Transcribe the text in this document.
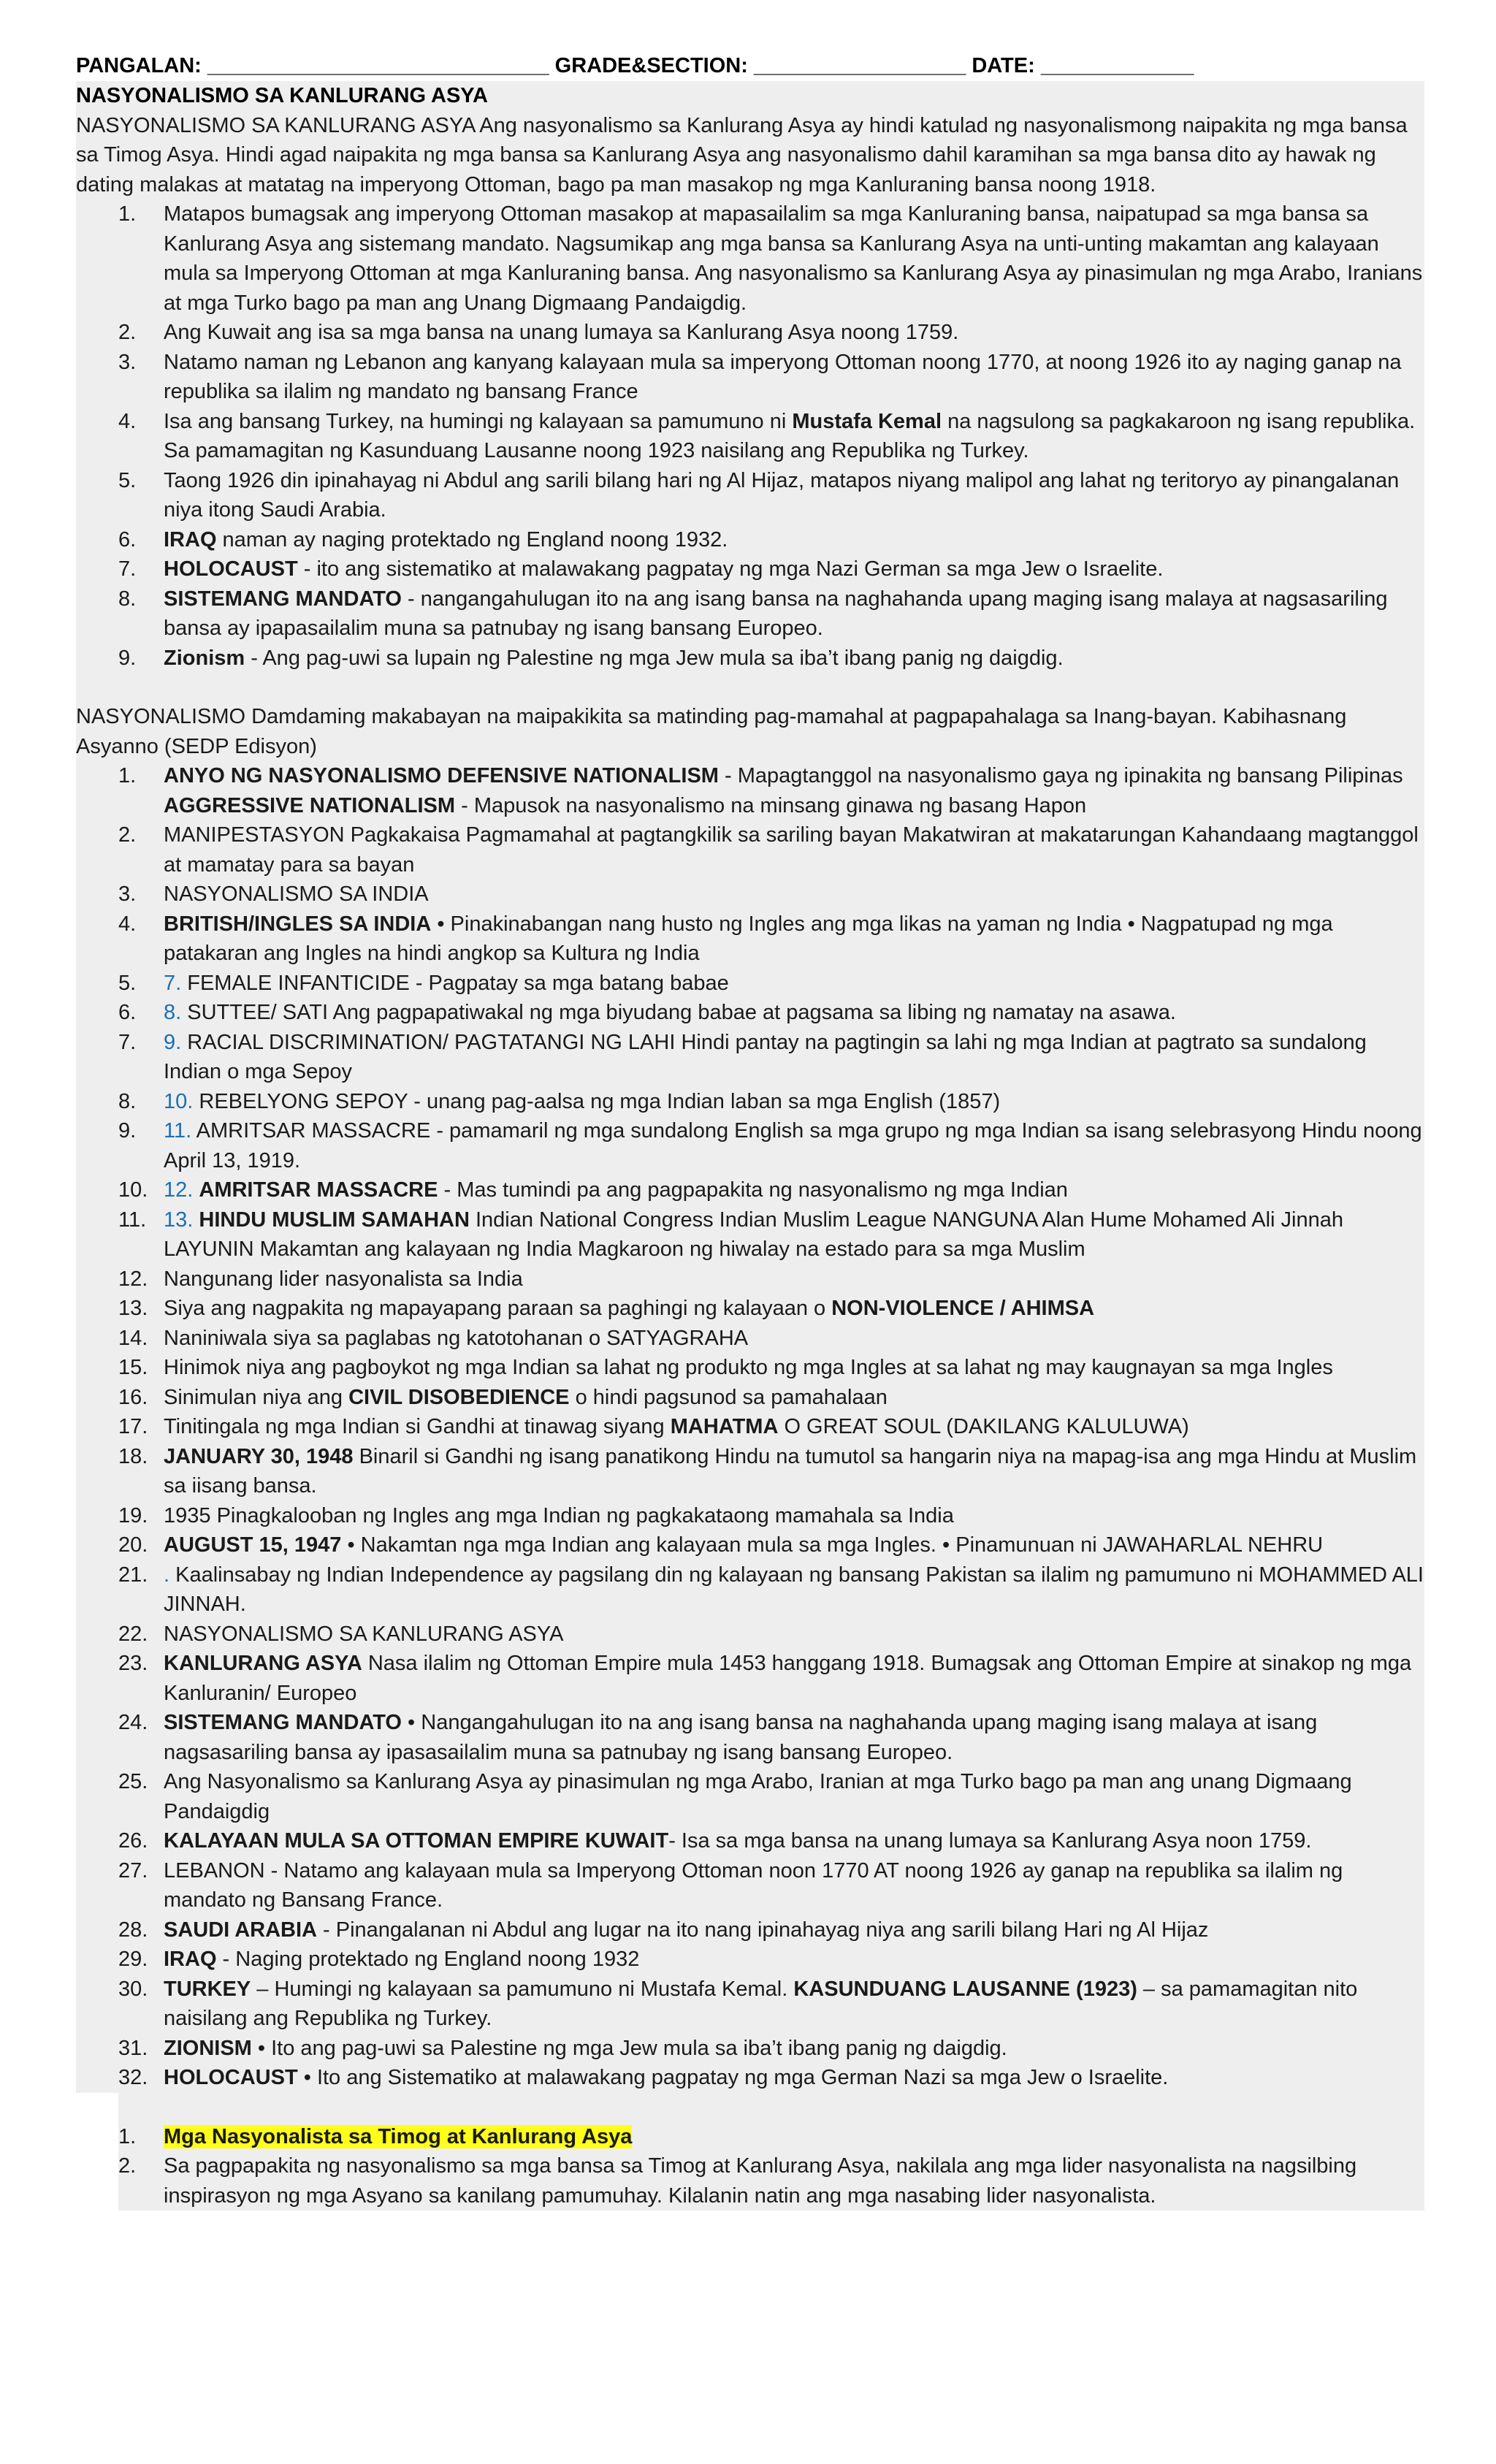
PANGALAN: _____________________________ GRADE&SECTION: __________________ DATE: _____________
NASYONALISMO SA KANLURANG ASYA
NASYONALISMO SA KANLURANG ASYA Ang nasyonalismo sa Kanlurang Asya ay hindi katulad ng nasyonalismong naipakita ng mga bansa sa Timog Asya. Hindi agad naipakita ng mga bansa sa Kanlurang Asya ang nasyonalismo dahil karamihan sa mga bansa dito ay hawak ng dating malakas at matatag na imperyong Ottoman, bago pa man masakop ng mga Kanluraning bansa noong 1918.
1.	Matapos bumagsak ang imperyong Ottoman masakop at mapasailalim sa mga Kanluraning bansa, naipatupad sa mga bansa sa Kanlurang Asya ang sistemang mandato. Nagsumikap ang mga bansa sa Kanlurang Asya na unti-unting makamtan ang kalayaan mula sa Imperyong Ottoman at mga Kanluraning bansa. Ang nasyonalismo sa Kanlurang Asya ay pinasimulan ng mga Arabo, Iranians at mga Turko bago pa man ang Unang Digmaang Pandaigdig.
2.	Ang Kuwait ang isa sa mga bansa na unang lumaya sa Kanlurang Asya noong 1759.
3.	Natamo naman ng Lebanon ang kanyang kalayaan mula sa imperyong Ottoman noong 1770, at noong 1926 ito ay naging ganap na republika sa ilalim ng mandato ng bansang France
4.	Isa ang bansang Turkey, na humingi ng kalayaan sa pamumuno ni Mustafa Kemal na nagsulong sa pagkakaroon ng isang republika. Sa pamamagitan ng Kasunduang Lausanne noong 1923 naisilang ang Republika ng Turkey.
5.	Taong 1926 din ipinahayag ni Abdul ang sarili bilang hari ng Al Hijaz, matapos niyang malipol ang lahat ng teritoryo ay pinangalanan niya itong Saudi Arabia.
6.	IRAQ naman ay naging protektado ng England noong 1932.
7.	HOLOCAUST - ito ang sistematiko at malawakang pagpatay ng mga Nazi German sa mga Jew o Israelite.
8.	SISTEMANG MANDATO - nangangahulugan ito na ang isang bansa na naghahanda upang maging isang malaya at nagsasariling bansa ay ipapasailalim muna sa patnubay ng isang bansang Europeo.
9.	Zionism - Ang pag-uwi sa lupain ng Palestine ng mga Jew mula sa iba’t ibang panig ng daigdig.
NASYONALISMO Damdaming makabayan na maipakikita sa matinding pag-mamahal at pagpapahalaga sa Inang-bayan. Kabihasnang Asyanno (SEDP Edisyon)
1.	ANYO NG NASYONALISMO DEFENSIVE NATIONALISM - Mapagtanggol na nasyonalismo gaya ng ipinakita ng bansang Pilipinas AGGRESSIVE NATIONALISM - Mapusok na nasyonalismo na minsang ginawa ng basang Hapon
2.	MANIPESTASYON Pagkakaisa Pagmamahal at pagtangkilik sa sariling bayan Makatwiran at makatarungan Kahandaang magtanggol at mamatay para sa bayan
3.	NASYONALISMO SA INDIA
4.	BRITISH/INGLES SA INDIA • Pinakinabangan nang husto ng Ingles ang mga likas na yaman ng India • Nagpatupad ng mga patakaran ang Ingles na hindi angkop sa Kultura ng India
5.	7. FEMALE INFANTICIDE - Pagpatay sa mga batang babae
6.	8. SUTTEE/ SATI Ang pagpapatiwakal ng mga biyudang babae at pagsama sa libing ng namatay na asawa.
7.	9. RACIAL DISCRIMINATION/ PAGTATANGI NG LAHI Hindi pantay na pagtingin sa lahi ng mga Indian at pagtrato sa sundalong Indian o mga Sepoy
8.	10. REBELYONG SEPOY - unang pag-aalsa ng mga Indian laban sa mga English (1857)
9.	11. AMRITSAR MASSACRE - pamamaril ng mga sundalong English sa mga grupo ng mga Indian sa isang selebrasyong Hindu noong April 13, 1919.
10. 12. AMRITSAR MASSACRE - Mas tumindi pa ang pagpapakita ng nasyonalismo ng mga Indian
11. 13. HINDU MUSLIM SAMAHAN Indian National Congress Indian Muslim League NANGUNA Alan Hume Mohamed Ali Jinnah LAYUNIN Makamtan ang kalayaan ng India Magkaroon ng hiwalay na estado para sa mga Muslim
12. Nangunang lider nasyonalista sa India
13. Siya ang nagpakita ng mapayapang paraan sa paghingi ng kalayaan o NON-VIOLENCE / AHIMSA
14. Naniniwala siya sa paglabas ng katotohanan o SATYAGRAHA
15. Hinimok niya ang pagboykot ng mga Indian sa lahat ng produkto ng mga Ingles at sa lahat ng may kaugnayan sa mga Ingles
16. Sinimulan niya ang CIVIL DISOBEDIENCE o hindi pagsunod sa pamahalaan
17. Tinitingala ng mga Indian si Gandhi at tinawag siyang MAHATMA O GREAT SOUL (DAKILANG KALULUWA)
18. JANUARY 30, 1948 Binaril si Gandhi ng isang panatikong Hindu na tumutol sa hangarin niya na mapag-isa ang mga Hindu at Muslim sa iisang bansa.
19. 1935 Pinagkalooban ng Ingles ang mga Indian ng pagkakataong mamahala sa India
20. AUGUST 15, 1947 • Nakamtan nga mga Indian ang kalayaan mula sa mga Ingles. • Pinamunuan ni JAWAHARLAL NEHRU
21. . Kaalinsabay ng Indian Independence ay pagsilang din ng kalayaan ng bansang Pakistan sa ilalim ng pamumuno ni MOHAMMED ALI JINNAH.
22. NASYONALISMO SA KANLURANG ASYA
23. KANLURANG ASYA Nasa ilalim ng Ottoman Empire mula 1453 hanggang 1918. Bumagsak ang Ottoman Empire at sinakop ng mga Kanluranin/ Europeo
24. SISTEMANG MANDATO • Nangangahulugan ito na ang isang bansa na naghahanda upang maging isang malaya at isang nagsasariling bansa ay ipasasailalim muna sa patnubay ng isang bansang Europeo.
25. Ang Nasyonalismo sa Kanlurang Asya ay pinasimulan ng mga Arabo, Iranian at mga Turko bago pa man ang unang Digmaang Pandaigdig
26. KALAYAAN MULA SA OTTOMAN EMPIRE KUWAIT- Isa sa mga bansa na unang lumaya sa Kanlurang Asya noon 1759.
27. LEBANON - Natamo ang kalayaan mula sa Imperyong Ottoman noon 1770 AT noong 1926 ay ganap na republika sa ilalim ng mandato ng Bansang France.
28. SAUDI ARABIA - Pinangalanan ni Abdul ang lugar na ito nang ipinahayag niya ang sarili bilang Hari ng Al Hijaz
29. IRAQ - Naging protektado ng England noong 1932
30. TURKEY – Humingi ng kalayaan sa pamumuno ni Mustafa Kemal. KASUNDUANG LAUSANNE (1923) – sa pamamagitan nito naisilang ang Republika ng Turkey.
31. ZIONISM • Ito ang pag-uwi sa Palestine ng mga Jew mula sa iba’t ibang panig ng daigdig.
32. HOLOCAUST • Ito ang Sistematiko at malawakang pagpatay ng mga German Nazi sa mga Jew o Israelite.
1.	Mga Nasyonalista sa Timog at Kanlurang Asya
2.	Sa pagpapakita ng nasyonalismo sa mga bansa sa Timog at Kanlurang Asya, nakilala ang mga lider nasyonalista na nagsilbing inspirasyon ng mga Asyano sa kanilang pamumuhay. Kilalanin natin ang mga nasabing lider nasyonalista.
